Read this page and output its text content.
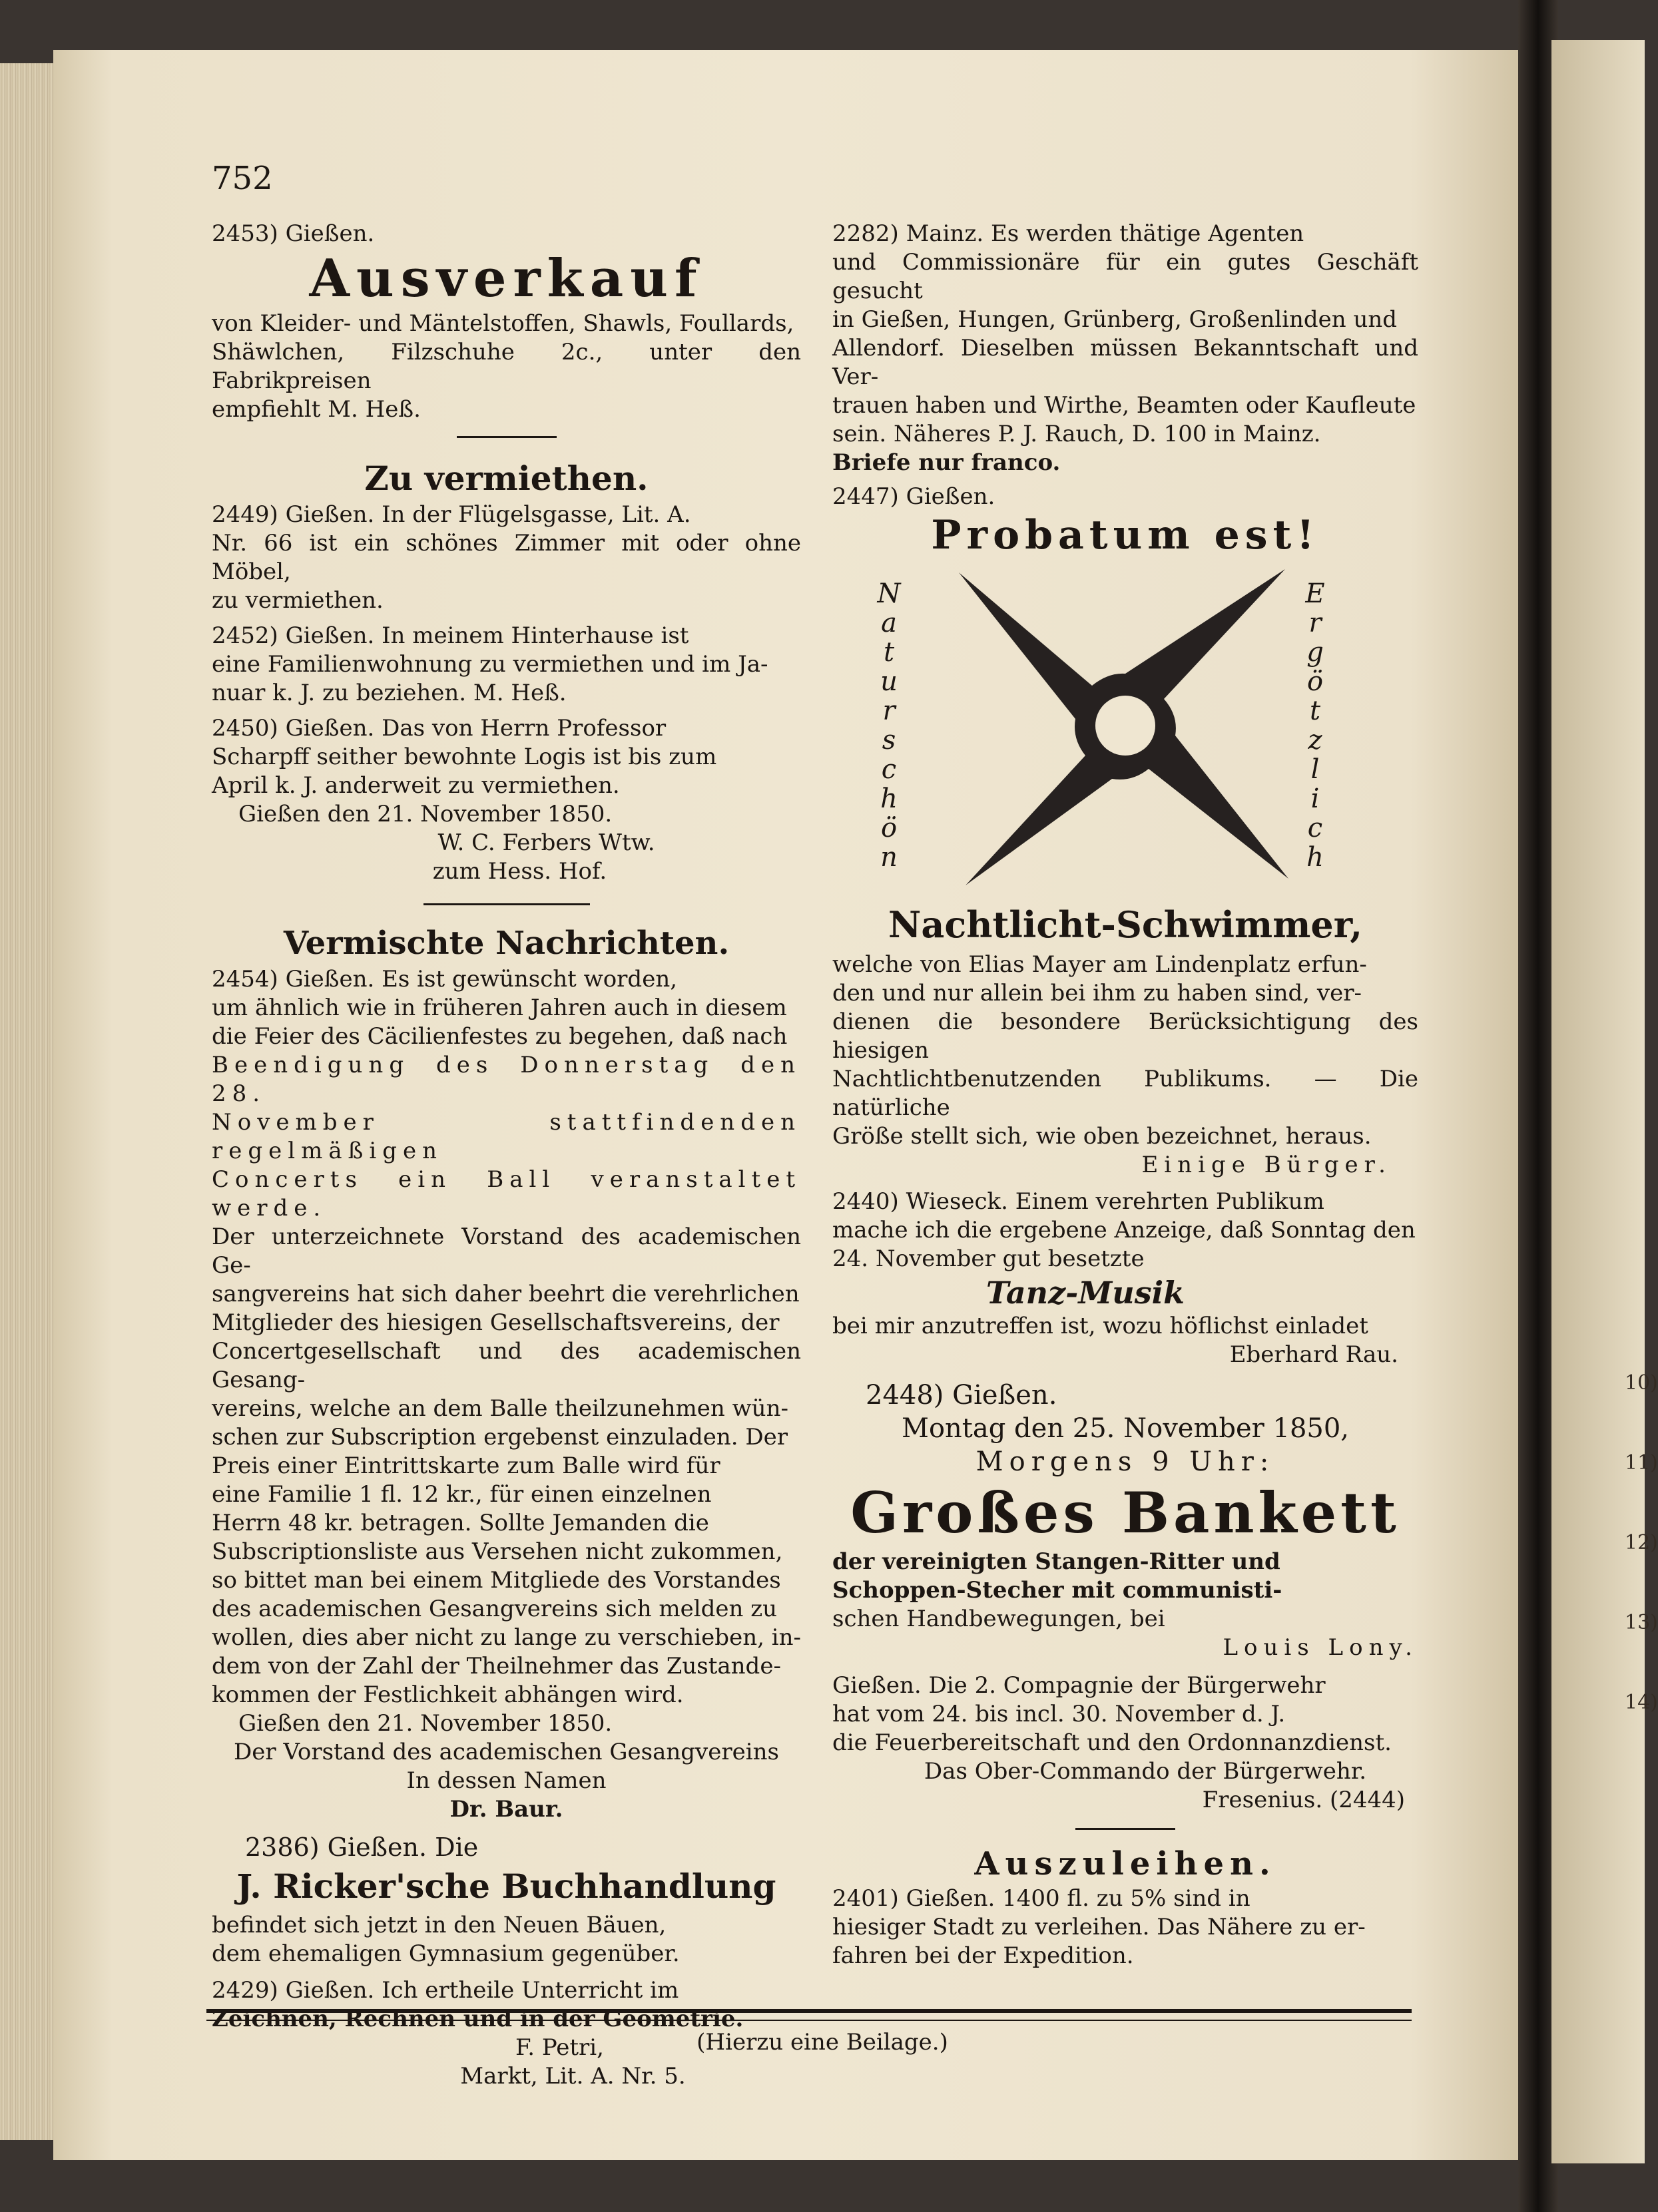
10)
11)
12)
13)
14)
752

2453) Gießen.

Ausverkauf

von Kleider- und Mäntelstoffen, Shawls, Foullards,

Shäwlchen, Filzschuhe 2c., unter den Fabrikpreisen

empfiehlt M. Heß.

Zu vermiethen.

2449) Gießen. In der Flügelsgasse, Lit. A.

Nr. 66 ist ein schönes Zimmer mit oder ohne Möbel,

zu vermiethen.

2452) Gießen. In meinem Hinterhause ist

eine Familienwohnung zu vermiethen und im Ja-

nuar k. J. zu beziehen. M. Heß.

2450) Gießen. Das von Herrn Professor

Scharpff seither bewohnte Logis ist bis zum

April k. J. anderweit zu vermiethen.

Gießen den 21. November 1850.

W. C. Ferbers Wtw.

zum Hess. Hof.

Vermischte Nachrichten.

2454) Gießen. Es ist gewünscht worden,

um ähnlich wie in früheren Jahren auch in diesem

die Feier des Cäcilienfestes zu begehen, daß nach

Beendigung des Donnerstag den 28.

November stattfindenden regelmäßigen

Concerts ein Ball veranstaltet werde.

Der unterzeichnete Vorstand des academischen Ge-

sangvereins hat sich daher beehrt die verehrlichen

Mitglieder des hiesigen Gesellschaftsvereins, der

Concertgesellschaft und des academischen Gesang-

vereins, welche an dem Balle theilzunehmen wün-

schen zur Subscription ergebenst einzuladen. Der

Preis einer Eintrittskarte zum Balle wird für

eine Familie 1 fl. 12 kr., für einen einzelnen

Herrn 48 kr. betragen. Sollte Jemanden die

Subscriptionsliste aus Versehen nicht zukommen,

so bittet man bei einem Mitgliede des Vorstandes

des academischen Gesangvereins sich melden zu

wollen, dies aber nicht zu lange zu verschieben, in-

dem von der Zahl der Theilnehmer das Zustande-

kommen der Festlichkeit abhängen wird.

Gießen den 21. November 1850.

Der Vorstand des academischen Gesangvereins

In dessen Namen

Dr. Baur.

2386) Gießen. Die

J. Ricker'sche Buchhandlung

befindet sich jetzt in den Neuen Bäuen,

dem ehemaligen Gymnasium gegenüber.

2429) Gießen. Ich ertheile Unterricht im

Zeichnen, Rechnen und in der Geometrie.

F. Petri,

Markt, Lit. A. Nr. 5.

2282) Mainz. Es werden thätige Agenten

und Commissionäre für ein gutes Geschäft gesucht

in Gießen, Hungen, Grünberg, Großenlinden und

Allendorf. Dieselben müssen Bekanntschaft und Ver-

trauen haben und Wirthe, Beamten oder Kaufleute

sein. Näheres P. J. Rauch, D. 100 in Mainz.

Briefe nur franco.

2447) Gießen.

Probatum est!

N
a
t
u
r
s
c
h
ö
n
E
r
g
ö
t
z
l
i
c
h

Nachtlicht-Schwimmer,

welche von Elias Mayer am Lindenplatz erfun-

den und nur allein bei ihm zu haben sind, ver-

dienen die besondere Berücksichtigung des hiesigen

Nachtlichtbenutzenden Publikums. — Die natürliche

Größe stellt sich, wie oben bezeichnet, heraus.

Einige Bürger.

2440) Wieseck. Einem verehrten Publikum

mache ich die ergebene Anzeige, daß Sonntag den

24. November gut besetzte

Tanz-Musik

bei mir anzutreffen ist, wozu höflichst einladet

Eberhard Rau.

2448) Gießen.

Montag den 25. November 1850,

Morgens 9 Uhr:

Großes Bankett

der vereinigten Stangen-Ritter und

Schoppen-Stecher mit communisti-

schen Handbewegungen, bei

Louis Lony.

Gießen. Die 2. Compagnie der Bürgerwehr

hat vom 24. bis incl. 30. November d. J.

die Feuerbereitschaft und den Ordonnanzdienst.

Das Ober-Commando der Bürgerwehr.

Fresenius. (2444)

Auszuleihen.

2401) Gießen. 1400 fl. zu 5% sind in

hiesiger Stadt zu verleihen. Das Nähere zu er-

fahren bei der Expedition.

(Hierzu eine Beilage.)
